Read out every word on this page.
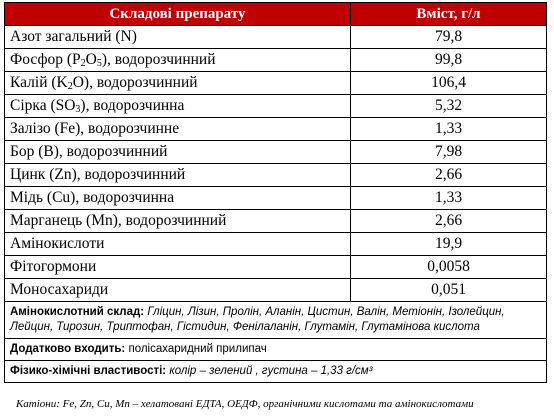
Складові препарату	Вміст, г/л
Азот загальний (N)	79,8
Фосфор $(P_2O_5)$, водорозчинний	99,8
Калій $(K_2O)$, водорозчинний	106,4
Сірка $(SO_3)$, водорозчинна	5,32
Залізо (Fe), водорозчинне	1,33
Бор (B), водорозчинний	7,98
Цинк (Zn), водорозчинний	2,66
Мідь (Cu), водорозчинна	1,33
Марганець (Mn), водорозчинний	2,66
Амінокислоти	19,9
Фітогормони	0,0058
Моносахариди	0,051
Амінокислотний склад: Гліцин, Лізин, Пролін, Аланін, Цистин, Валін, Метіонін, Ізолейцин, Лейцин, Тирозин, Триптофан, Гістидин, Фенілаланін, Глутамін, Глутамінова кислота	
Додатково входить: полісахаридний прилипач	
Фізико-хімічні властивості: колір – зелений , густина – 1,33 г/см³	
Катіони: Fe, Zn, Cu, Mn – хелатовані ЕДТА, ОЕДФ, органічними кислотами та амінокислотами
